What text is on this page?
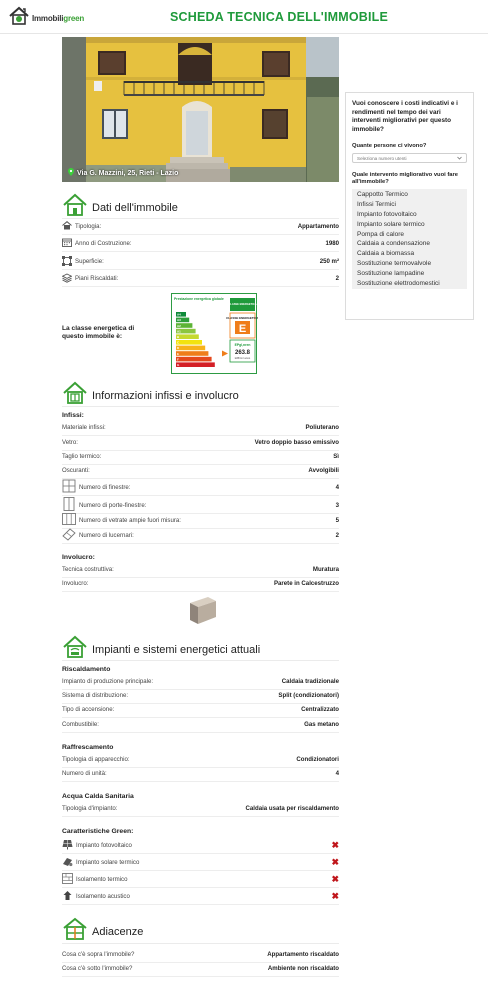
Immobiligreen	SCHEDA TECNICA DELL'IMMOBILE
Via G. Mazzini, 25, Rieti - Lazio
Vuoi conoscere i costi indicativi e i rendimenti nel tempo dei vari interventi migliorativi per questo immobile?
Quante persone ci vivono?
Seleziona numero utenti
Quale intervento migliorativo vuoi fare all'immobile?
Cappotto Termico
Infissi Termici
Impianto fotovoltaico
Impianto solare termico
Pompa di calore
Caldaia a condensazione
Caldaia a biomassa
Sostituzione termovalvole
Sostituzione lampadine
Sostituzione elettrodomestici
Dati dell'immobile
Tipologia:	Appartamento
Anno di Costruzione:	1980
Superficie:	250 m²
Piani Riscaldati:	2
La classe energetica di questo immobile è:
Prestazione energetica globale
CLASSE ENERGETICA
CLASSE ENERGETICA
E
EPgl,nren
263.8
kWh/m² anno
A4
A3
A2
A1
B
C
D
E
F
G
Informazioni infissi e involucro
Infissi:
Materiale infissi:	Poliuterano
Vetro:	Vetro doppio basso emissivo
Taglio termico:	Sì
Oscuranti:	Avvolgibili
Numero di finestre:	4
Numero di porte-finestre:	3
Numero di vetrate ampie fuori misura:	5
Numero di lucernari:	2
Involucro:
Tecnica costruttiva:	Muratura
Involucro:	Parete in Calcestruzzo
Impianti e sistemi energetici attuali
Riscaldamento
Impianto di produzione principale:	Caldaia tradizionale
Sistema di distribuzione:	Split (condizionatori)
Tipo di accensione:	Centralizzato
Combustibile:	Gas metano
Raffrescamento
Tipologia di apparecchio:	Condizionatori
Numero di unità:	4
Acqua Calda Sanitaria
Tipologia d'impianto:	Caldaia usata per riscaldamento
Caratteristiche Green:
Impianto fotovoltaico	✖
Impianto solare termico	✖
Isolamento termico	✖
Isolamento acustico	✖
Adiacenze
Cosa c'è sopra l'immobile?	Appartamento riscaldato
Cosa c'è sotto l'immobile?	Ambiente non riscaldato
